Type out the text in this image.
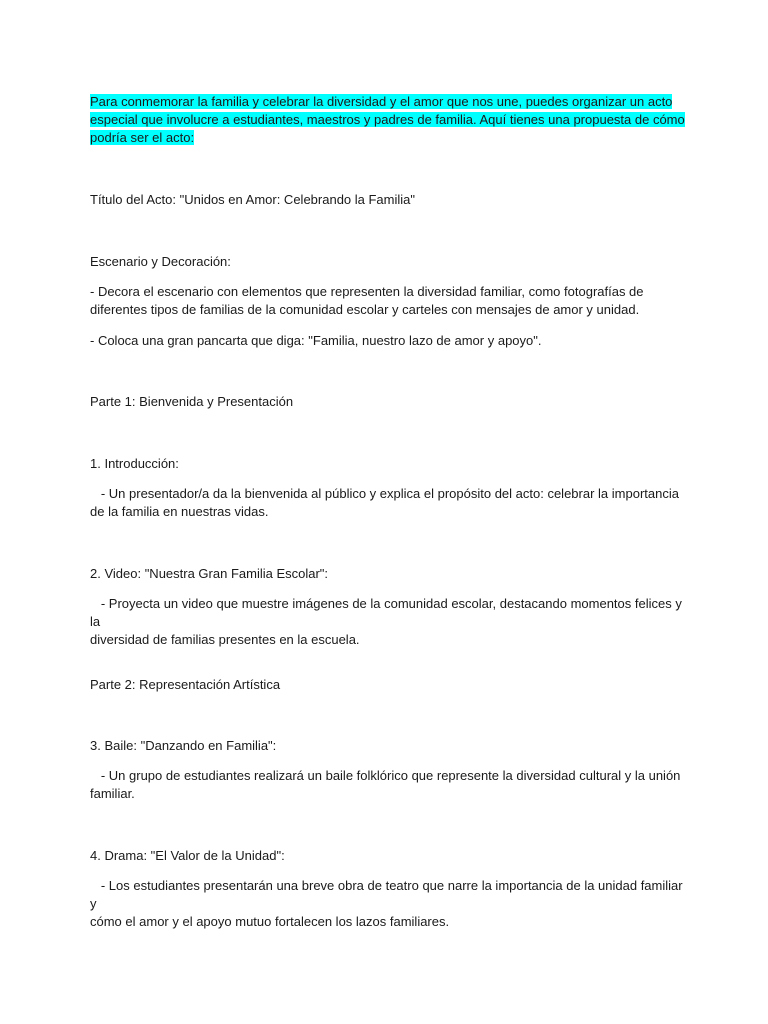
Para conmemorar la familia y celebrar la diversidad y el amor que nos une, puedes organizar un acto
especial que involucre a estudiantes, maestros y padres de familia. Aquí tienes una propuesta de cómo
podría ser el acto:
Título del Acto: "Unidos en Amor: Celebrando la Familia"
Escenario y Decoración:
- Decora el escenario con elementos que representen la diversidad familiar, como fotografías de
diferentes tipos de familias de la comunidad escolar y carteles con mensajes de amor y unidad.
- Coloca una gran pancarta que diga: "Familia, nuestro lazo de amor y apoyo".
Parte 1: Bienvenida y Presentación
1. Introducción:
- Un presentador/a da la bienvenida al público y explica el propósito del acto: celebrar la importancia
de la familia en nuestras vidas.
2. Video: "Nuestra Gran Familia Escolar":
- Proyecta un video que muestre imágenes de la comunidad escolar, destacando momentos felices y la
diversidad de familias presentes en la escuela.
Parte 2: Representación Artística
3. Baile: "Danzando en Familia":
- Un grupo de estudiantes realizará un baile folklórico que represente la diversidad cultural y la unión
familiar.
4. Drama: "El Valor de la Unidad":
- Los estudiantes presentarán una breve obra de teatro que narre la importancia de la unidad familiar y
cómo el amor y el apoyo mutuo fortalecen los lazos familiares.
